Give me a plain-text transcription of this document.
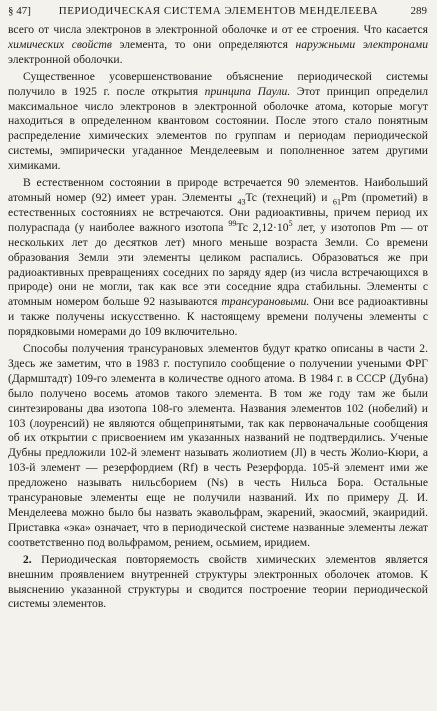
§ 47]	ПЕРИОДИЧЕСКАЯ СИСТЕМА ЭЛЕМЕНТОВ МЕНДЕЛЕЕВА	289

всего от числа электронов в электронной оболочке и от ее строения. Что касается химических свойств элемента, то они определяются наружными электронами электронной оболочки.

Существенное усовершенствование объяснение периодической системы получило в 1925 г. после открытия принципа Паули. Этот принцип определил максимальное число электронов в электронной оболочке атома, которые могут находиться в определенном квантовом состоянии. После этого стало понятным распределение химических элементов по группам и периодам периодической системы, эмпирически угаданное Менделеевым и пополненное затем другими химиками.

В естественном состоянии в природе встречается 90 элементов. Наибольший атомный номер (92) имеет уран. Элементы $_{43}$Tc (технеций) и $_{61}$Pm (прометий) в естественных состояниях не встречаются. Они радиоактивны, причем период их полураспада (у наиболее важного изотопа $^{99}$Tc $2,12\cdot 10^5$ лет, у изотопов Pm — от нескольких лет до десятков лет) много меньше возраста Земли. Со времени образования Земли эти элементы целиком распались. Образоваться же при радиоактивных превращениях соседних по заряду ядер (из числа встречающихся в природе) они не могли, так как все эти соседние ядра стабильны. Элементы с атомным номером больше 92 называются трансурановыми. Они все радиоактивны и также получены искусственно. К настоящему времени получены элементы с порядковыми номерами до 109 включительно.

Способы получения трансурановых элементов будут кратко описаны в части 2. Здесь же заметим, что в 1983 г. поступило сообщение о получении учеными ФРГ (Дармштадт) 109-го элемента в количестве одного атома. В 1984 г. в СССР (Дубна) было получено восемь атомов такого элемента. В том же году там же были синтезированы два изотопа 108-го элемента. Названия элементов 102 (нобелий) и 103 (лоуренсий) не являются общепринятыми, так как первоначальные сообщения об их открытии с присвоением им указанных названий не подтвердились. Ученые Дубны предложили 102-й элемент называть жолиотием (Jl) в честь Жолио-Кюри, а 103-й элемент — резерфордием (Rf) в честь Резерфорда. 105-й элемент ими же предложено называть нильсборием (Ns) в честь Нильса Бора. Остальные трансурановые элементы еще не получили названий. Их по примеру Д. И. Менделеева можно было бы назвать экавольфрам, экарений, экаосмий, экаиридий. Приставка «эка» означает, что в периодической системе названные элементы лежат соответственно под вольфрамом, рением, осьмием, иридием.

2. Периодическая повторяемость свойств химических элементов является внешним проявлением внутренней структуры электронных оболочек атомов. К выяснению указанной структуры и сводится построение теории периодической системы элементов.
